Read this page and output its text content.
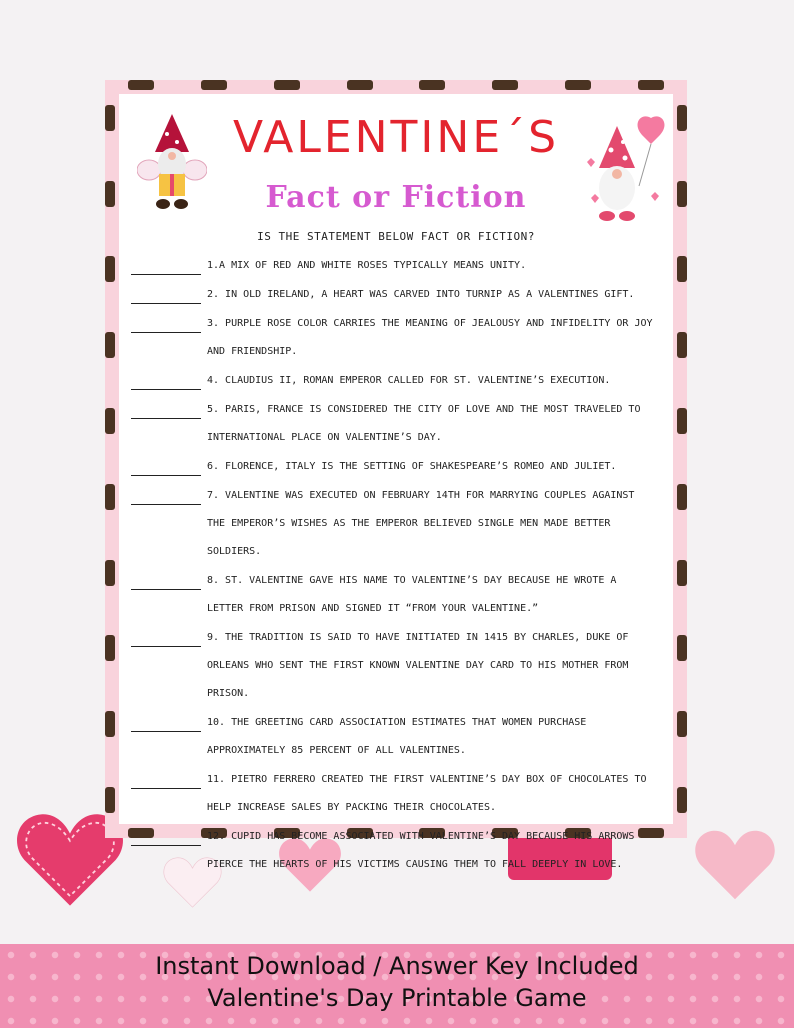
VALENTINE´S
Fact or Fiction
IS THE STATEMENT BELOW FACT OR FICTION?
1.A MIX OF RED AND WHITE ROSES TYPICALLY MEANS UNITY.
2. IN OLD IRELAND, A HEART WAS CARVED INTO TURNIP AS A VALENTINES GIFT.
3. PURPLE ROSE COLOR CARRIES THE MEANING OF JEALOUSY AND INFIDELITY OR JOY AND FRIENDSHIP.
4. CLAUDIUS II, ROMAN EMPEROR CALLED FOR ST. VALENTINE’S EXECUTION.
5. PARIS, FRANCE IS CONSIDERED THE CITY OF LOVE AND THE MOST TRAVELED TO INTERNATIONAL PLACE ON VALENTINE’S DAY.
6. FLORENCE, ITALY IS THE SETTING OF SHAKESPEARE’S ROMEO AND JULIET.
7. VALENTINE WAS EXECUTED ON FEBRUARY 14TH FOR MARRYING COUPLES AGAINST THE EMPEROR’S WISHES AS THE EMPEROR BELIEVED SINGLE MEN MADE BETTER SOLDIERS.
8. ST. VALENTINE GAVE HIS NAME TO VALENTINE’S DAY BECAUSE HE WROTE A LETTER FROM PRISON AND SIGNED IT “FROM YOUR VALENTINE.”
9. THE TRADITION IS SAID TO HAVE INITIATED IN 1415 BY CHARLES, DUKE OF ORLEANS WHO SENT THE FIRST KNOWN VALENTINE DAY CARD TO HIS MOTHER FROM PRISON.
10. THE GREETING CARD ASSOCIATION ESTIMATES THAT WOMEN PURCHASE APPROXIMATELY 85 PERCENT OF ALL VALENTINES.
11. PIETRO FERRERO CREATED THE FIRST VALENTINE’S DAY BOX OF CHOCOLATES TO HELP INCREASE SALES BY PACKING THEIR CHOCOLATES.
12. CUPID HAS BECOME ASSOCIATED WITH VALENTINE’S DAY BECAUSE HIS ARROWS PIERCE THE HEARTS OF HIS VICTIMS CAUSING THEM TO FALL DEEPLY IN LOVE.
Instant Download / Answer Key Included
Valentine's Day Printable Game
